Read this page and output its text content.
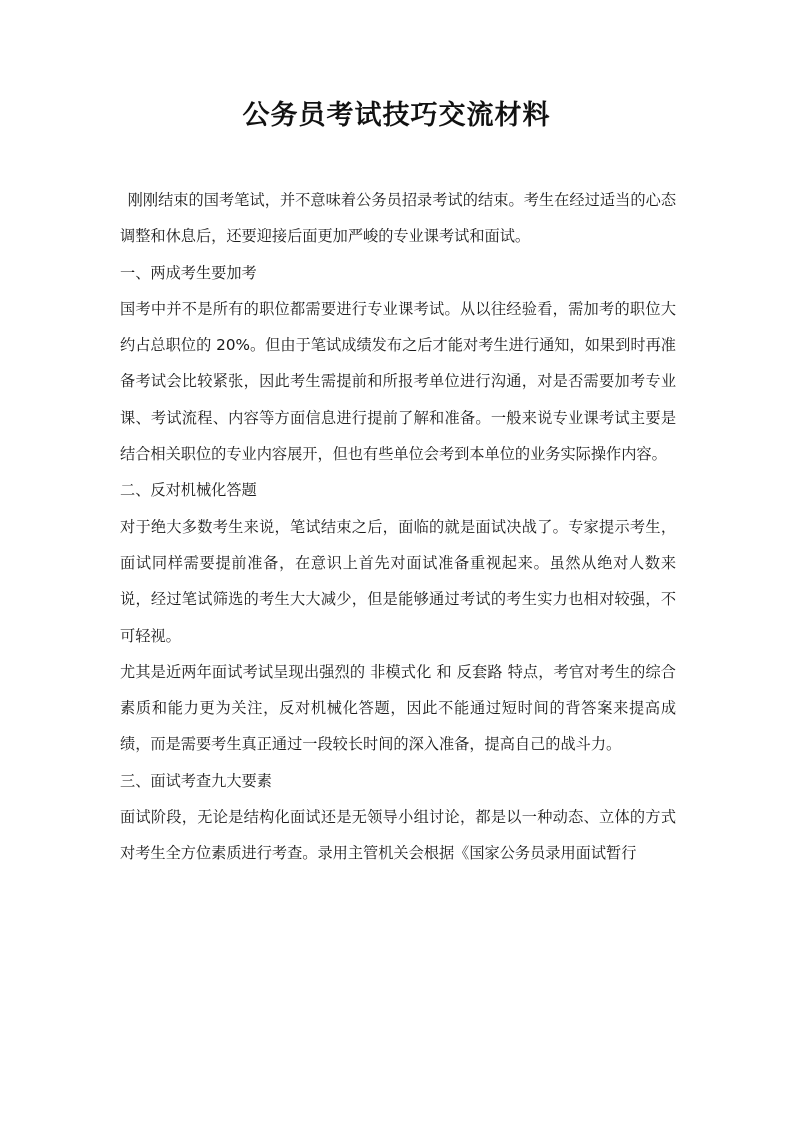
公务员考试技巧交流材料

刚刚结束的国考笔试，并不意味着公务员招录考试的结束。考生在经过适当的心态调整和休息后，还要迎接后面更加严峻的专业课考试和面试。

一、两成考生要加考

国考中并不是所有的职位都需要进行专业课考试。从以往经验看，需加考的职位大约占总职位的 20%。但由于笔试成绩发布之后才能对考生进行通知，如果到时再准备考试会比较紧张，因此考生需提前和所报考单位进行沟通，对是否需要加考专业课、考试流程、内容等方面信息进行提前了解和准备。一般来说专业课考试主要是结合相关职位的专业内容展开，但也有些单位会考到本单位的业务实际操作内容。

二、反对机械化答题

对于绝大多数考生来说，笔试结束之后，面临的就是面试决战了。专家提示考生，面试同样需要提前准备，在意识上首先对面试准备重视起来。虽然从绝对人数来说，经过笔试筛选的考生大大减少，但是能够通过考试的考生实力也相对较强，不可轻视。

尤其是近两年面试考试呈现出强烈的 非模式化 和 反套路 特点，考官对考生的综合素质和能力更为关注，反对机械化答题，因此不能通过短时间的背答案来提高成绩，而是需要考生真正通过一段较长时间的深入准备，提高自己的战斗力。

三、面试考查九大要素

面试阶段，无论是结构化面试还是无领导小组讨论，都是以一种动态、立体的方式对考生全方位素质进行考查。录用主管机关会根据《国家公务员录用面试暂行
